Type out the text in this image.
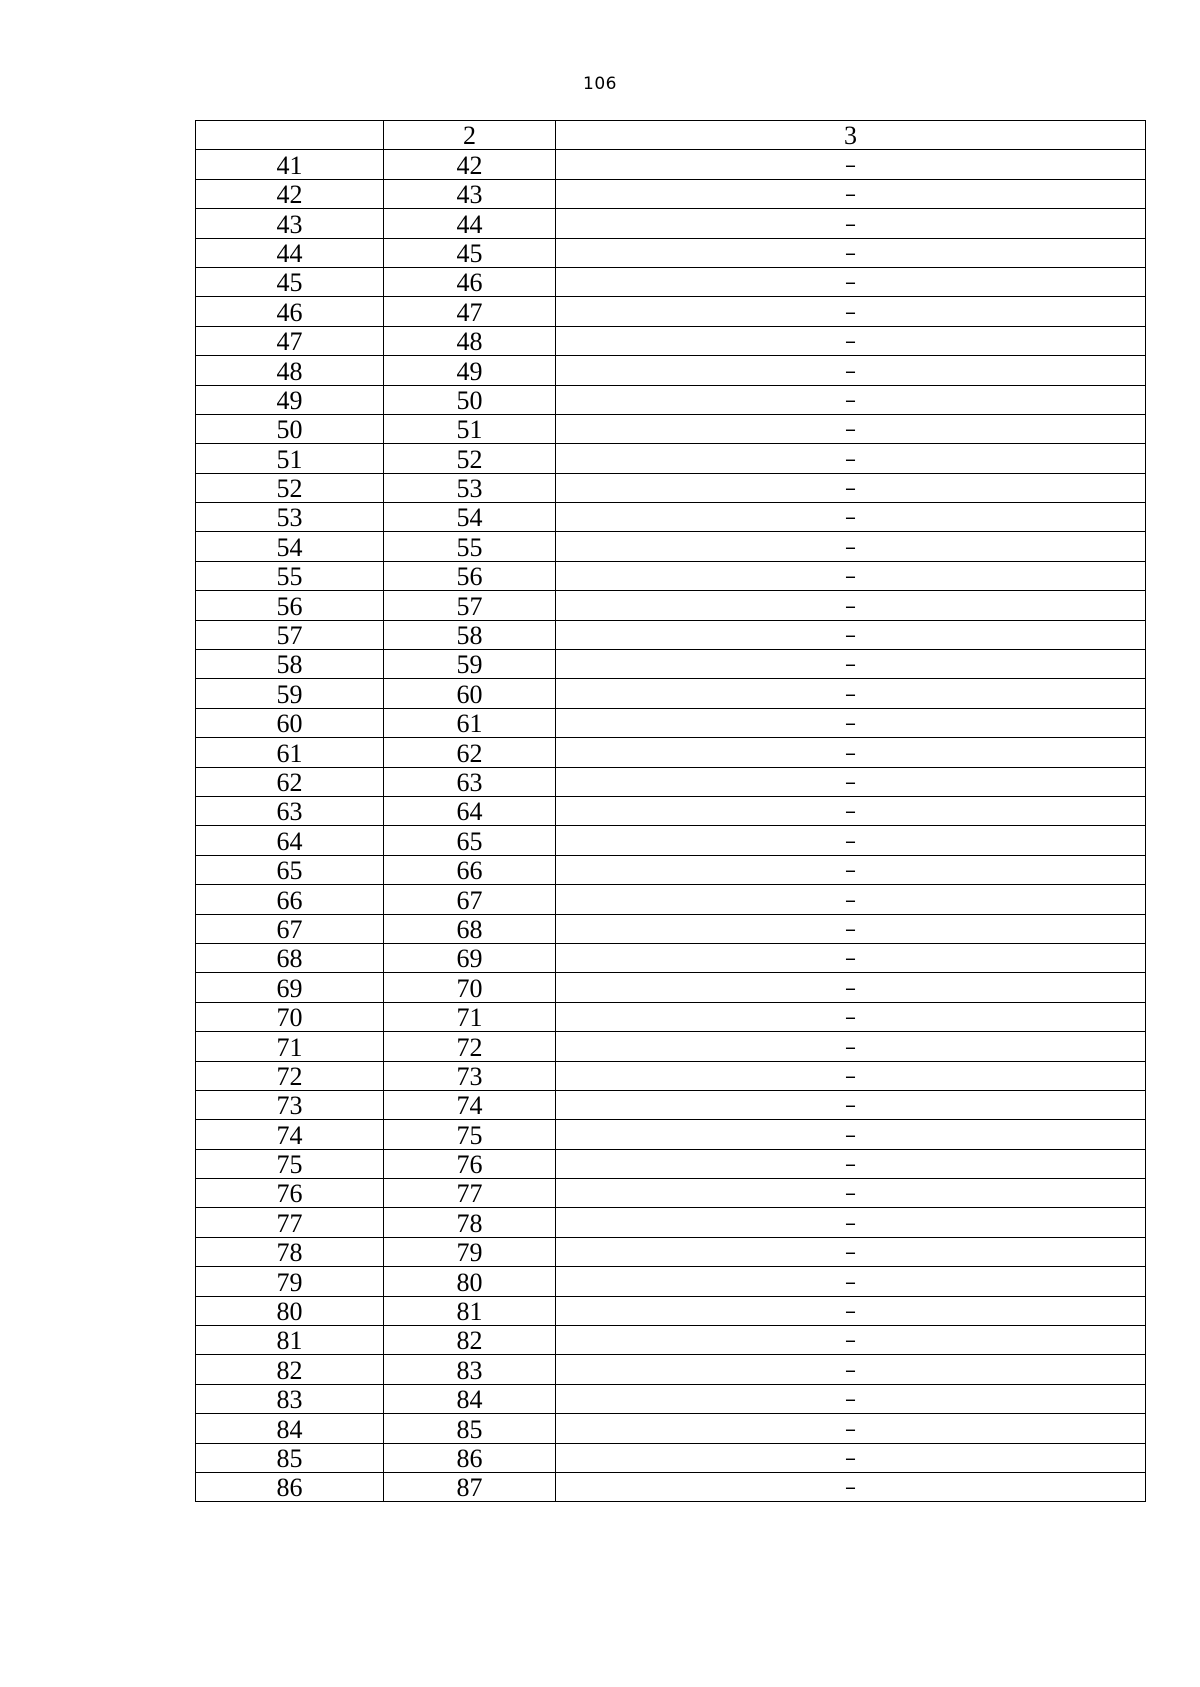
106
	2	3
41	42	–
42	43	–
43	44	–
44	45	–
45	46	–
46	47	–
47	48	–
48	49	–
49	50	–
50	51	–
51	52	–
52	53	–
53	54	–
54	55	–
55	56	–
56	57	–
57	58	–
58	59	–
59	60	–
60	61	–
61	62	–
62	63	–
63	64	–
64	65	–
65	66	–
66	67	–
67	68	–
68	69	–
69	70	–
70	71	–
71	72	–
72	73	–
73	74	–
74	75	–
75	76	–
76	77	–
77	78	–
78	79	–
79	80	–
80	81	–
81	82	–
82	83	–
83	84	–
84	85	–
85	86	–
86	87	–
